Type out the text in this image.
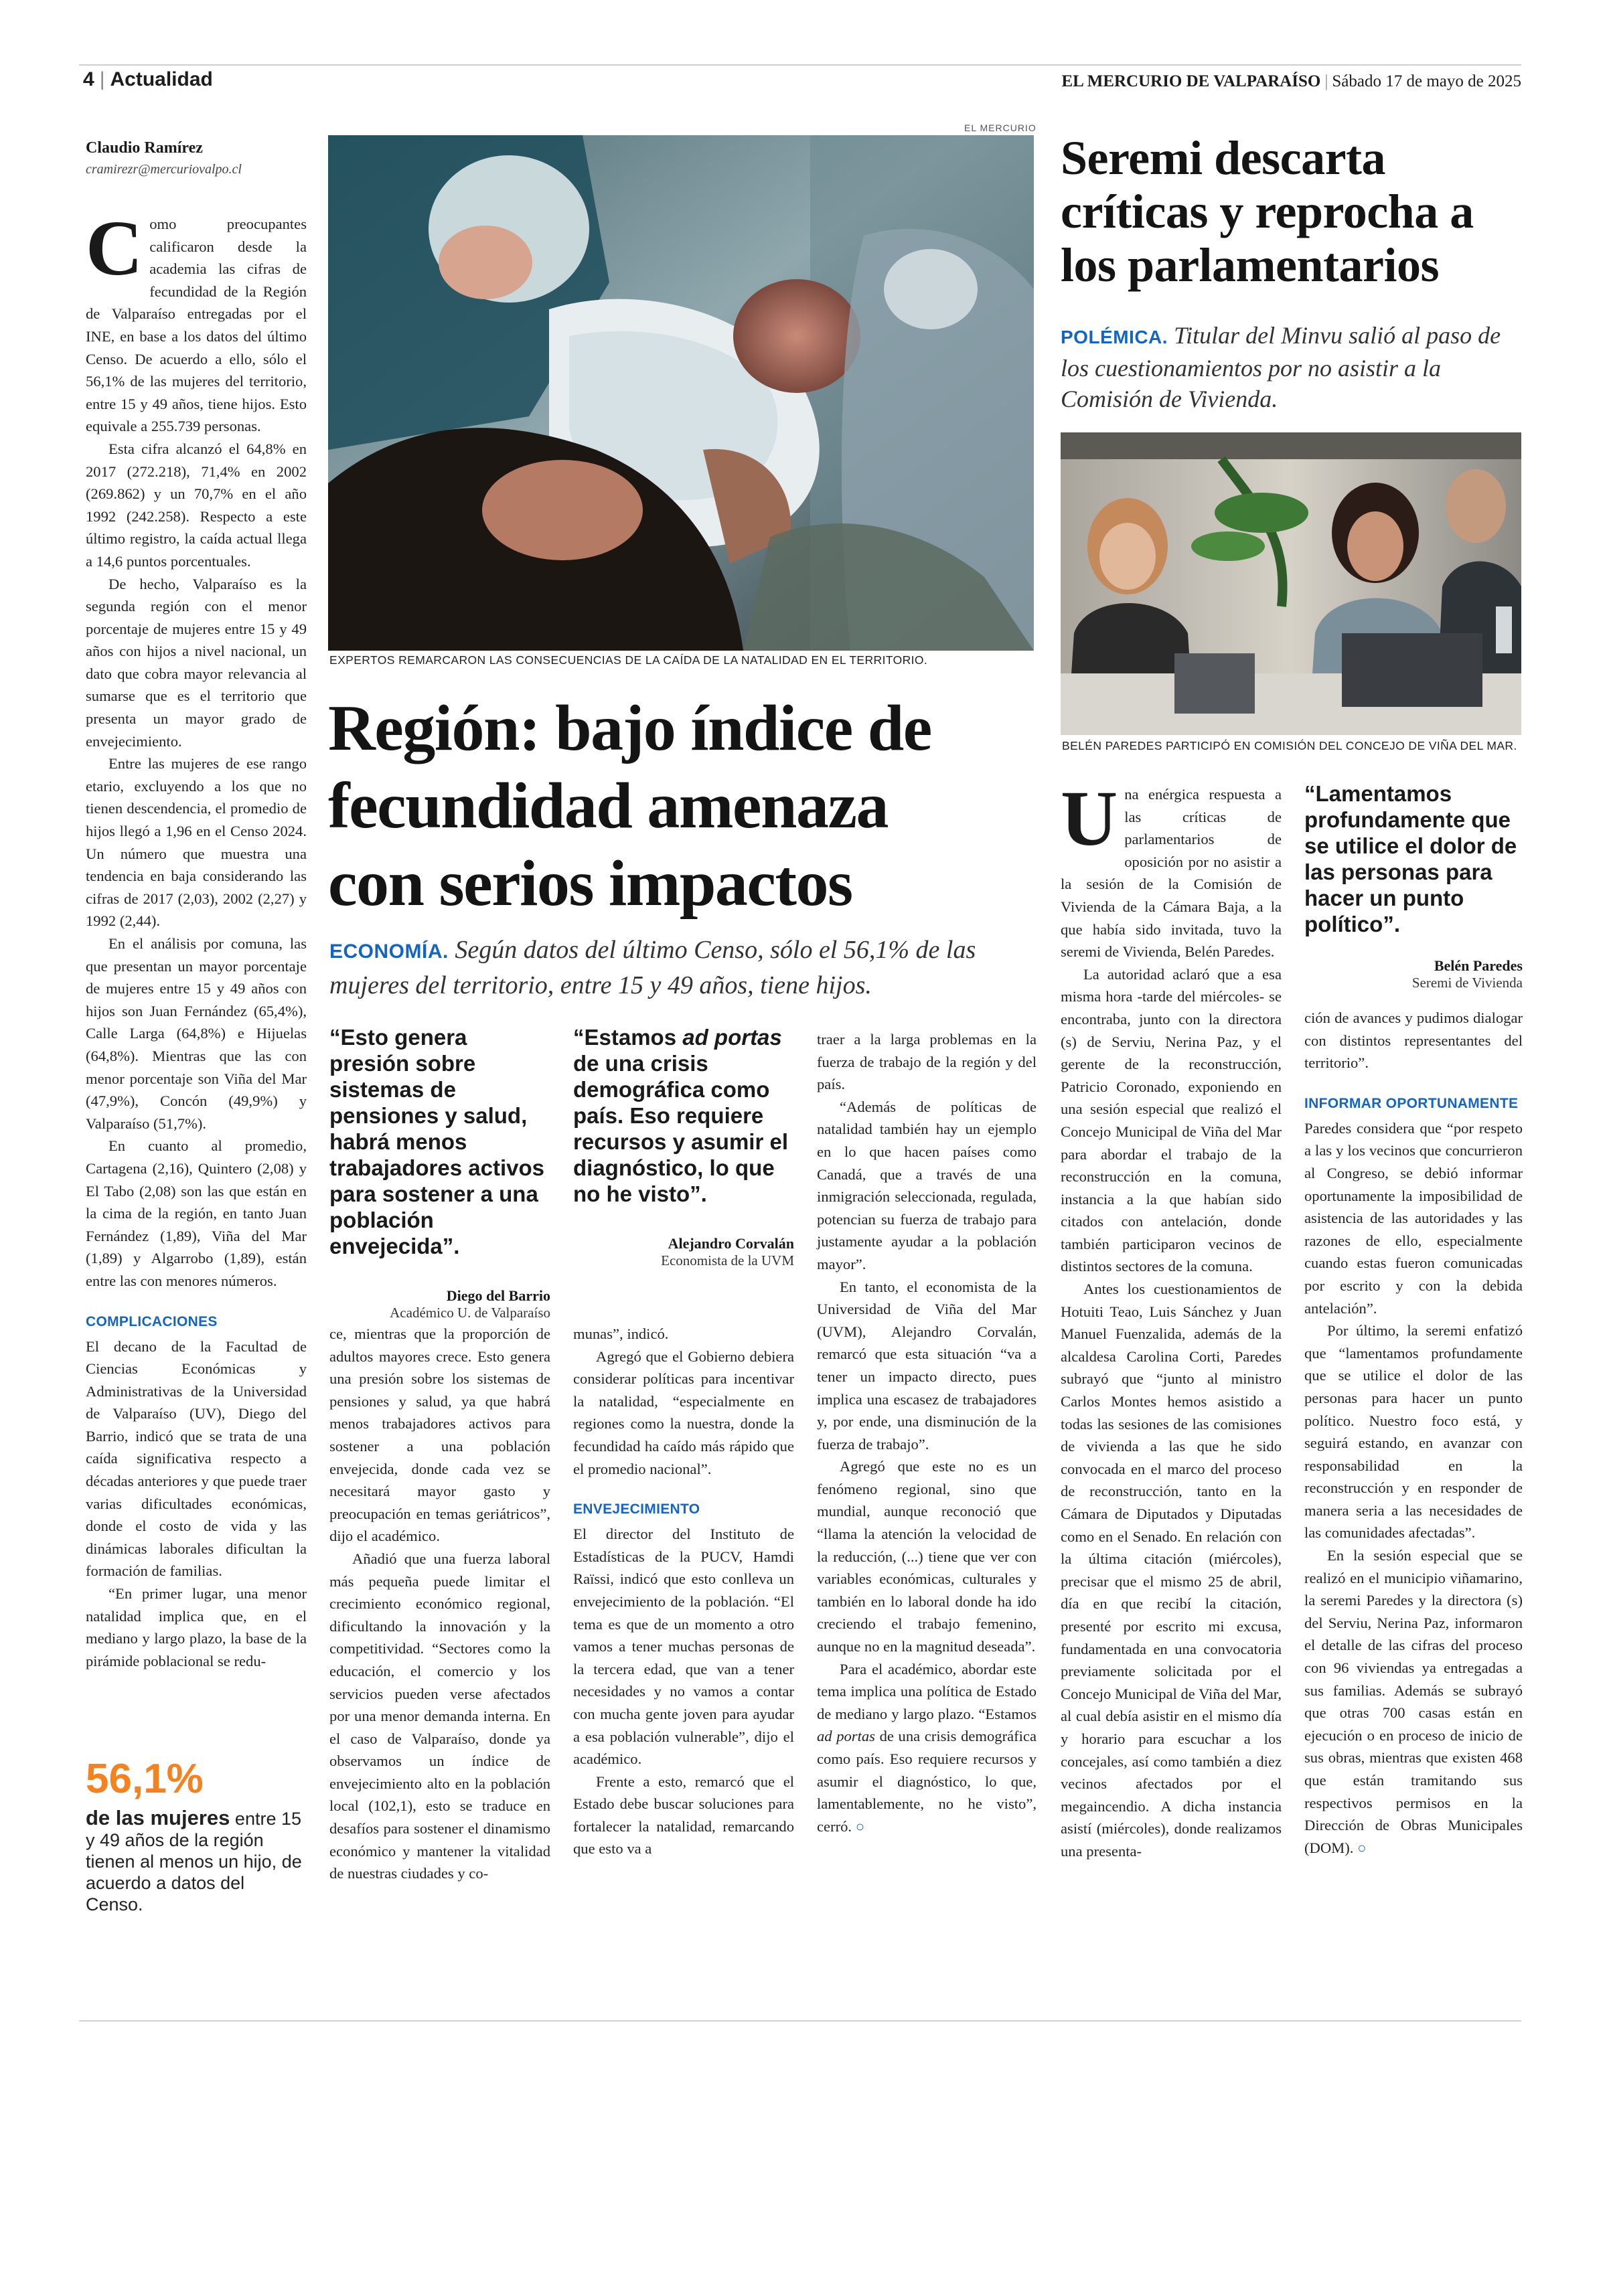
4 | Actualidad	EL MERCURIO DE VALPARAÍSO | Sábado 17 de mayo de 2025
Claudio Ramírez
cramirezr@mercuriovalpo.cl

Como preocupantes calificaron desde la academia las cifras de fecundidad de la Región de Valparaíso entregadas por el INE, en base a los datos del último Censo. De acuerdo a ello, sólo el 56,1% de las mujeres del territorio, entre 15 y 49 años, tiene hijos. Esto equivale a 255.739 personas.

Esta cifra alcanzó el 64,8% en 2017 (272.218), 71,4% en 2002 (269.862) y un 70,7% en el año 1992 (242.258). Respecto a este último registro, la caída actual llega a 14,6 puntos porcentuales.

De hecho, Valparaíso es la segunda región con el menor porcentaje de mujeres entre 15 y 49 años con hijos a nivel nacional, un dato que cobra mayor relevancia al sumarse que es el territorio que presenta un mayor grado de envejecimiento.

Entre las mujeres de ese rango etario, excluyendo a los que no tienen descendencia, el promedio de hijos llegó a 1,96 en el Censo 2024. Un número que muestra una tendencia en baja considerando las cifras de 2017 (2,03), 2002 (2,27) y 1992 (2,44).

En el análisis por comuna, las que presentan un mayor porcentaje de mujeres entre 15 y 49 años con hijos son Juan Fernández (65,4%), Calle Larga (64,8%) e Hijuelas (64,8%). Mientras que las con menor porcentaje son Viña del Mar (47,9%), Concón (49,9%) y Valparaíso (51,7%).

En cuanto al promedio, Cartagena (2,16), Quintero (2,08) y El Tabo (2,08) son las que están en la cima de la región, en tanto Juan Fernández (1,89), Viña del Mar (1,89) y Algarrobo (1,89), están entre las con menores números.

COMPLICACIONES

El decano de la Facultad de Ciencias Económicas y Administrativas de la Universidad de Valparaíso (UV), Diego del Barrio, indicó que se trata de una caída significativa respecto a décadas anteriores y que puede traer varias dificultades económicas, donde el costo de vida y las dinámicas laborales dificultan la formación de familias.

“En primer lugar, una menor natalidad implica que, en el mediano y largo plazo, la base de la pirámide poblacional se redu-

56,1%
de las mujeres entre 15 y 49 años de la región tienen al menos un hijo, de acuerdo a datos del Censo.
EL MERCURIO
EXPERTOS REMARCARON LAS CONSECUENCIAS DE LA CAÍDA DE LA NATALIDAD EN EL TERRITORIO.
Región: bajo índice de
fecundidad amenaza
con serios impactos
ECONOMÍA. Según datos del último Censo, sólo el 56,1% de las mujeres del territorio, entre 15 y 49 años, tiene hijos.
“Esto genera presión sobre sistemas de pensiones y salud, habrá menos trabajadores activos para sostener a una población envejecida”.
Diego del Barrio
Académico U. de Valparaíso
“Estamos ad portas de una crisis demográfica como país. Eso requiere recursos y asumir el diagnóstico, lo que no he visto”.
Alejandro Corvalán
Economista de la UVM

ce, mientras que la proporción de adultos mayores crece. Esto genera una presión sobre los sistemas de pensiones y salud, ya que habrá menos trabajadores activos para sostener a una población envejecida, donde cada vez se necesitará mayor gasto y preocupación en temas geriátricos”, dijo el académico.

Añadió que una fuerza laboral más pequeña puede limitar el crecimiento económico regional, dificultando la innovación y la competitividad. “Sectores como la educación, el comercio y los servicios pueden verse afectados por una menor demanda interna. En el caso de Valparaíso, donde ya observamos un índice de envejecimiento alto en la población local (102,1), esto se traduce en desafíos para sostener el dinamismo económico y mantener la vitalidad de nuestras ciudades y co-

munas”, indicó.

Agregó que el Gobierno debiera considerar políticas para incentivar la natalidad, “especialmente en regiones como la nuestra, donde la fecundidad ha caído más rápido que el promedio nacional”.

ENVEJECIMIENTO

El director del Instituto de Estadísticas de la PUCV, Hamdi Raïssi, indicó que esto conlleva un envejecimiento de la población. “El tema es que de un momento a otro vamos a tener muchas personas de la tercera edad, que van a tener necesidades y no vamos a contar con mucha gente joven para ayudar a esa población vulnerable”, dijo el académico.

Frente a esto, remarcó que el Estado debe buscar soluciones para fortalecer la natalidad, remarcando que esto va a

traer a la larga problemas en la fuerza de trabajo de la región y del país.

“Además de políticas de natalidad también hay un ejemplo en lo que hacen países como Canadá, que a través de una inmigración seleccionada, regulada, potencian su fuerza de trabajo para justamente ayudar a la población mayor”.

En tanto, el economista de la Universidad de Viña del Mar (UVM), Alejandro Corvalán, remarcó que esta situación “va a tener un impacto directo, pues implica una escasez de trabajadores y, por ende, una disminución de la fuerza de trabajo”.

Agregó que este no es un fenómeno regional, sino que mundial, aunque reconoció que “llama la atención la velocidad de la reducción, (...) tiene que ver con variables económicas, culturales y también en lo laboral donde ha ido creciendo el trabajo femenino, aunque no en la magnitud deseada”.

Para el académico, abordar este tema implica una política de Estado de mediano y largo plazo. “Estamos ad portas de una crisis demográfica como país. Eso requiere recursos y asumir el diagnóstico, lo que, lamentablemente, no he visto”, cerró. ○

Seremi descarta
críticas y reprocha a
los parlamentarios
POLÉMICA. Titular del Minvu salió al paso de los cuestionamientos por no asistir a la Comisión de Vivienda.
BELÉN PAREDES PARTICIPÓ EN COMISIÓN DEL CONCEJO DE VIÑA DEL MAR.

Una enérgica respuesta a las críticas de parlamentarios de oposición por no asistir a la sesión de la Comisión de Vivienda de la Cámara Baja, a la que había sido invitada, tuvo la seremi de Vivienda, Belén Paredes.

La autoridad aclaró que a esa misma hora -tarde del miércoles- se encontraba, junto con la directora (s) de Serviu, Nerina Paz, y el gerente de la reconstrucción, Patricio Coronado, exponiendo en una sesión especial que realizó el Concejo Municipal de Viña del Mar para abordar el trabajo de la reconstrucción en la comuna, instancia a la que habían sido citados con antelación, donde también participaron vecinos de distintos sectores de la comuna.

Antes los cuestionamientos de Hotuiti Teao, Luis Sánchez y Juan Manuel Fuenzalida, además de la alcaldesa Carolina Corti, Paredes subrayó que “junto al ministro Carlos Montes hemos asistido a todas las sesiones de las comisiones de vivienda a las que he sido convocada en el marco del proceso de reconstrucción, tanto en la Cámara de Diputados y Diputadas como en el Senado. En relación con la última citación (miércoles), precisar que el mismo 25 de abril, día en que recibí la citación, presenté por escrito mi excusa, fundamentada en una convocatoria previamente solicitada por el Concejo Municipal de Viña del Mar, al cual debía asistir en el mismo día y horario para escuchar a los concejales, así como también a diez vecinos afectados por el megaincendio. A dicha instancia asistí (miércoles), donde realizamos una presenta-

“Lamentamos profundamente que se utilice el dolor de las personas para hacer un punto político”.
Belén Paredes
Seremi de Vivienda

ción de avances y pudimos dialogar con distintos representantes del territorio”.

INFORMAR OPORTUNAMENTE

Paredes considera que “por respeto a las y los vecinos que concurrieron al Congreso, se debió informar oportunamente la imposibilidad de asistencia de las autoridades y las razones de ello, especialmente cuando estas fueron comunicadas por escrito y con la debida antelación”.

Por último, la seremi enfatizó que “lamentamos profundamente que se utilice el dolor de las personas para hacer un punto político. Nuestro foco está, y seguirá estando, en avanzar con responsabilidad en la reconstrucción y en responder de manera seria a las necesidades de las comunidades afectadas”.

En la sesión especial que se realizó en el municipio viñamarino, la seremi Paredes y la directora (s) del Serviu, Nerina Paz, informaron el detalle de las cifras del proceso con 96 viviendas ya entregadas a sus familias. Además se subrayó que otras 700 casas están en ejecución o en proceso de inicio de sus obras, mientras que existen 468 que están tramitando sus respectivos permisos en la Dirección de Obras Municipales (DOM). ○
